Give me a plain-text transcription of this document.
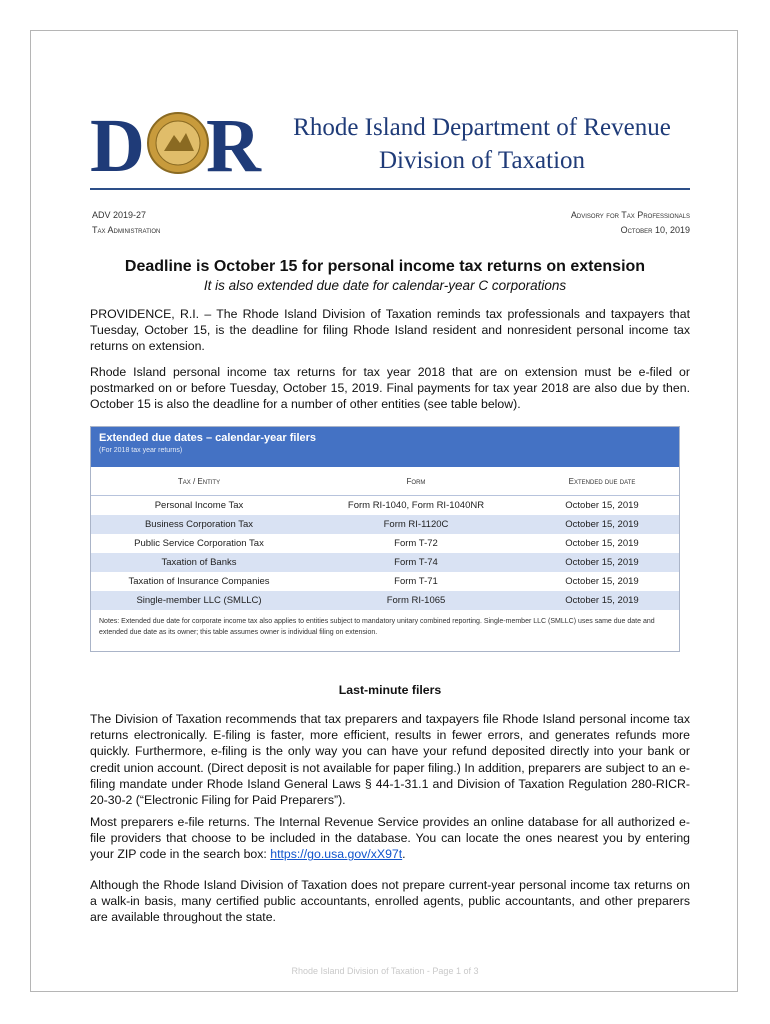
D R	Rhode Island Department of Revenue
Division of Taxation
ADV 2019-27
Tax Administration
Advisory for Tax Professionals
October 10, 2019
Deadline is October 15 for personal income tax returns on extension
It is also extended due date for calendar-year C corporations
PROVIDENCE, R.I. – The Rhode Island Division of Taxation reminds tax professionals and taxpayers that Tuesday, October 15, is the deadline for filing Rhode Island resident and nonresident personal income tax returns on extension.
Rhode Island personal income tax returns for tax year 2018 that are on extension must be e-filed or postmarked on or before Tuesday, October 15, 2019. Final payments for tax year 2018 are also due by then. October 15 is also the deadline for a number of other entities (see table below).
Extended due dates – calendar-year filers
(For 2018 tax year returns)
Tax / Entity	Form	Extended due date
Personal Income Tax	Form RI-1040, Form RI-1040NR	October 15, 2019
Business Corporation Tax	Form RI-1120C	October 15, 2019
Public Service Corporation Tax	Form T-72	October 15, 2019
Taxation of Banks	Form T-74	October 15, 2019
Taxation of Insurance Companies	Form T-71	October 15, 2019
Single-member LLC (SMLLC)	Form RI-1065	October 15, 2019
Notes: Extended due date for corporate income tax also applies to entities subject to mandatory unitary combined reporting. Single-member LLC (SMLLC) uses same due date and extended due date as its owner; this table assumes owner is individual filing on extension.
Last-minute filers
The Division of Taxation recommends that tax preparers and taxpayers file Rhode Island personal income tax returns electronically. E-filing is faster, more efficient, results in fewer errors, and generates refunds more quickly. Furthermore, e-filing is the only way you can have your refund deposited directly into your bank or credit union account. (Direct deposit is not available for paper filing.) In addition, preparers are subject to an e-filing mandate under Rhode Island General Laws § 44-1-31.1 and Division of Taxation Regulation 280-RICR-20-30-2 (“Electronic Filing for Paid Preparers”).
Most preparers e-file returns. The Internal Revenue Service provides an online database for all authorized e-file providers that choose to be included in the database. You can locate the ones nearest you by entering your ZIP code in the search box: https://go.usa.gov/xX97t.
Although the Rhode Island Division of Taxation does not prepare current-year personal income tax returns on a walk-in basis, many certified public accountants, enrolled agents, public accountants, and other preparers are available throughout the state.
Rhode Island Division of Taxation - Page 1 of 3
